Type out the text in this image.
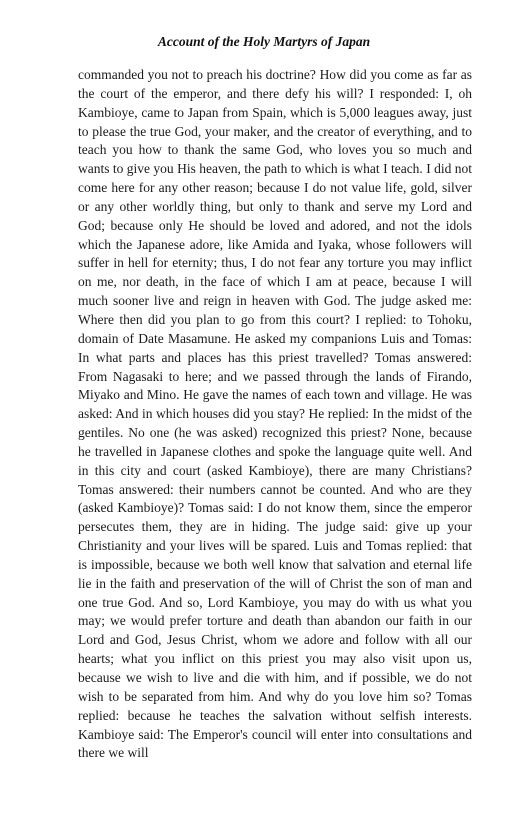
Account of the Holy Martyrs of Japan

commanded you not to preach his doctrine? How did you come as far as the court of the emperor, and there defy his will? I responded: I, oh Kambioye, came to Japan from Spain, which is 5,000 leagues away, just to please the true God, your maker, and the creator of everything, and to teach you how to thank the same God, who loves you so much and wants to give you His heaven, the path to which is what I teach. I did not come here for any other reason; because I do not value life, gold, silver or any other worldly thing, but only to thank and serve my Lord and God; because only He should be loved and adored, and not the idols which the Japanese adore, like Amida and Iyaka, whose followers will suffer in hell for eternity; thus, I do not fear any torture you may inflict on me, nor death, in the face of which I am at peace, because I will much sooner live and reign in heaven with God. The judge asked me: Where then did you plan to go from this court? I replied: to Tohoku, domain of Date Masamune. He asked my companions Luis and Tomas: In what parts and places has this priest travelled? Tomas answered: From Nagasaki to here; and we passed through the lands of Firando, Miyako and Mino. He gave the names of each town and village. He was asked: And in which houses did you stay? He replied: In the midst of the gentiles. No one (he was asked) recognized this priest? None, because he travelled in Japanese clothes and spoke the language quite well. And in this city and court (asked Kambioye), there are many Christians? Tomas answered: their numbers cannot be counted. And who are they (asked Kambioye)? Tomas said: I do not know them, since the emperor persecutes them, they are in hiding. The judge said: give up your Christianity and your lives will be spared. Luis and Tomas replied: that is impossible, because we both well know that salvation and eternal life lie in the faith and preservation of the will of Christ the son of man and one true God. And so, Lord Kambioye, you may do with us what you may; we would prefer torture and death than abandon our faith in our Lord and God, Jesus Christ, whom we adore and follow with all our hearts; what you inflict on this priest you may also visit upon us, because we wish to live and die with him, and if possible, we do not wish to be separated from him. And why do you love him so? Tomas replied: because he teaches the salvation without selfish interests. Kambioye said: The Emperor's council will enter into consultations and there we will
